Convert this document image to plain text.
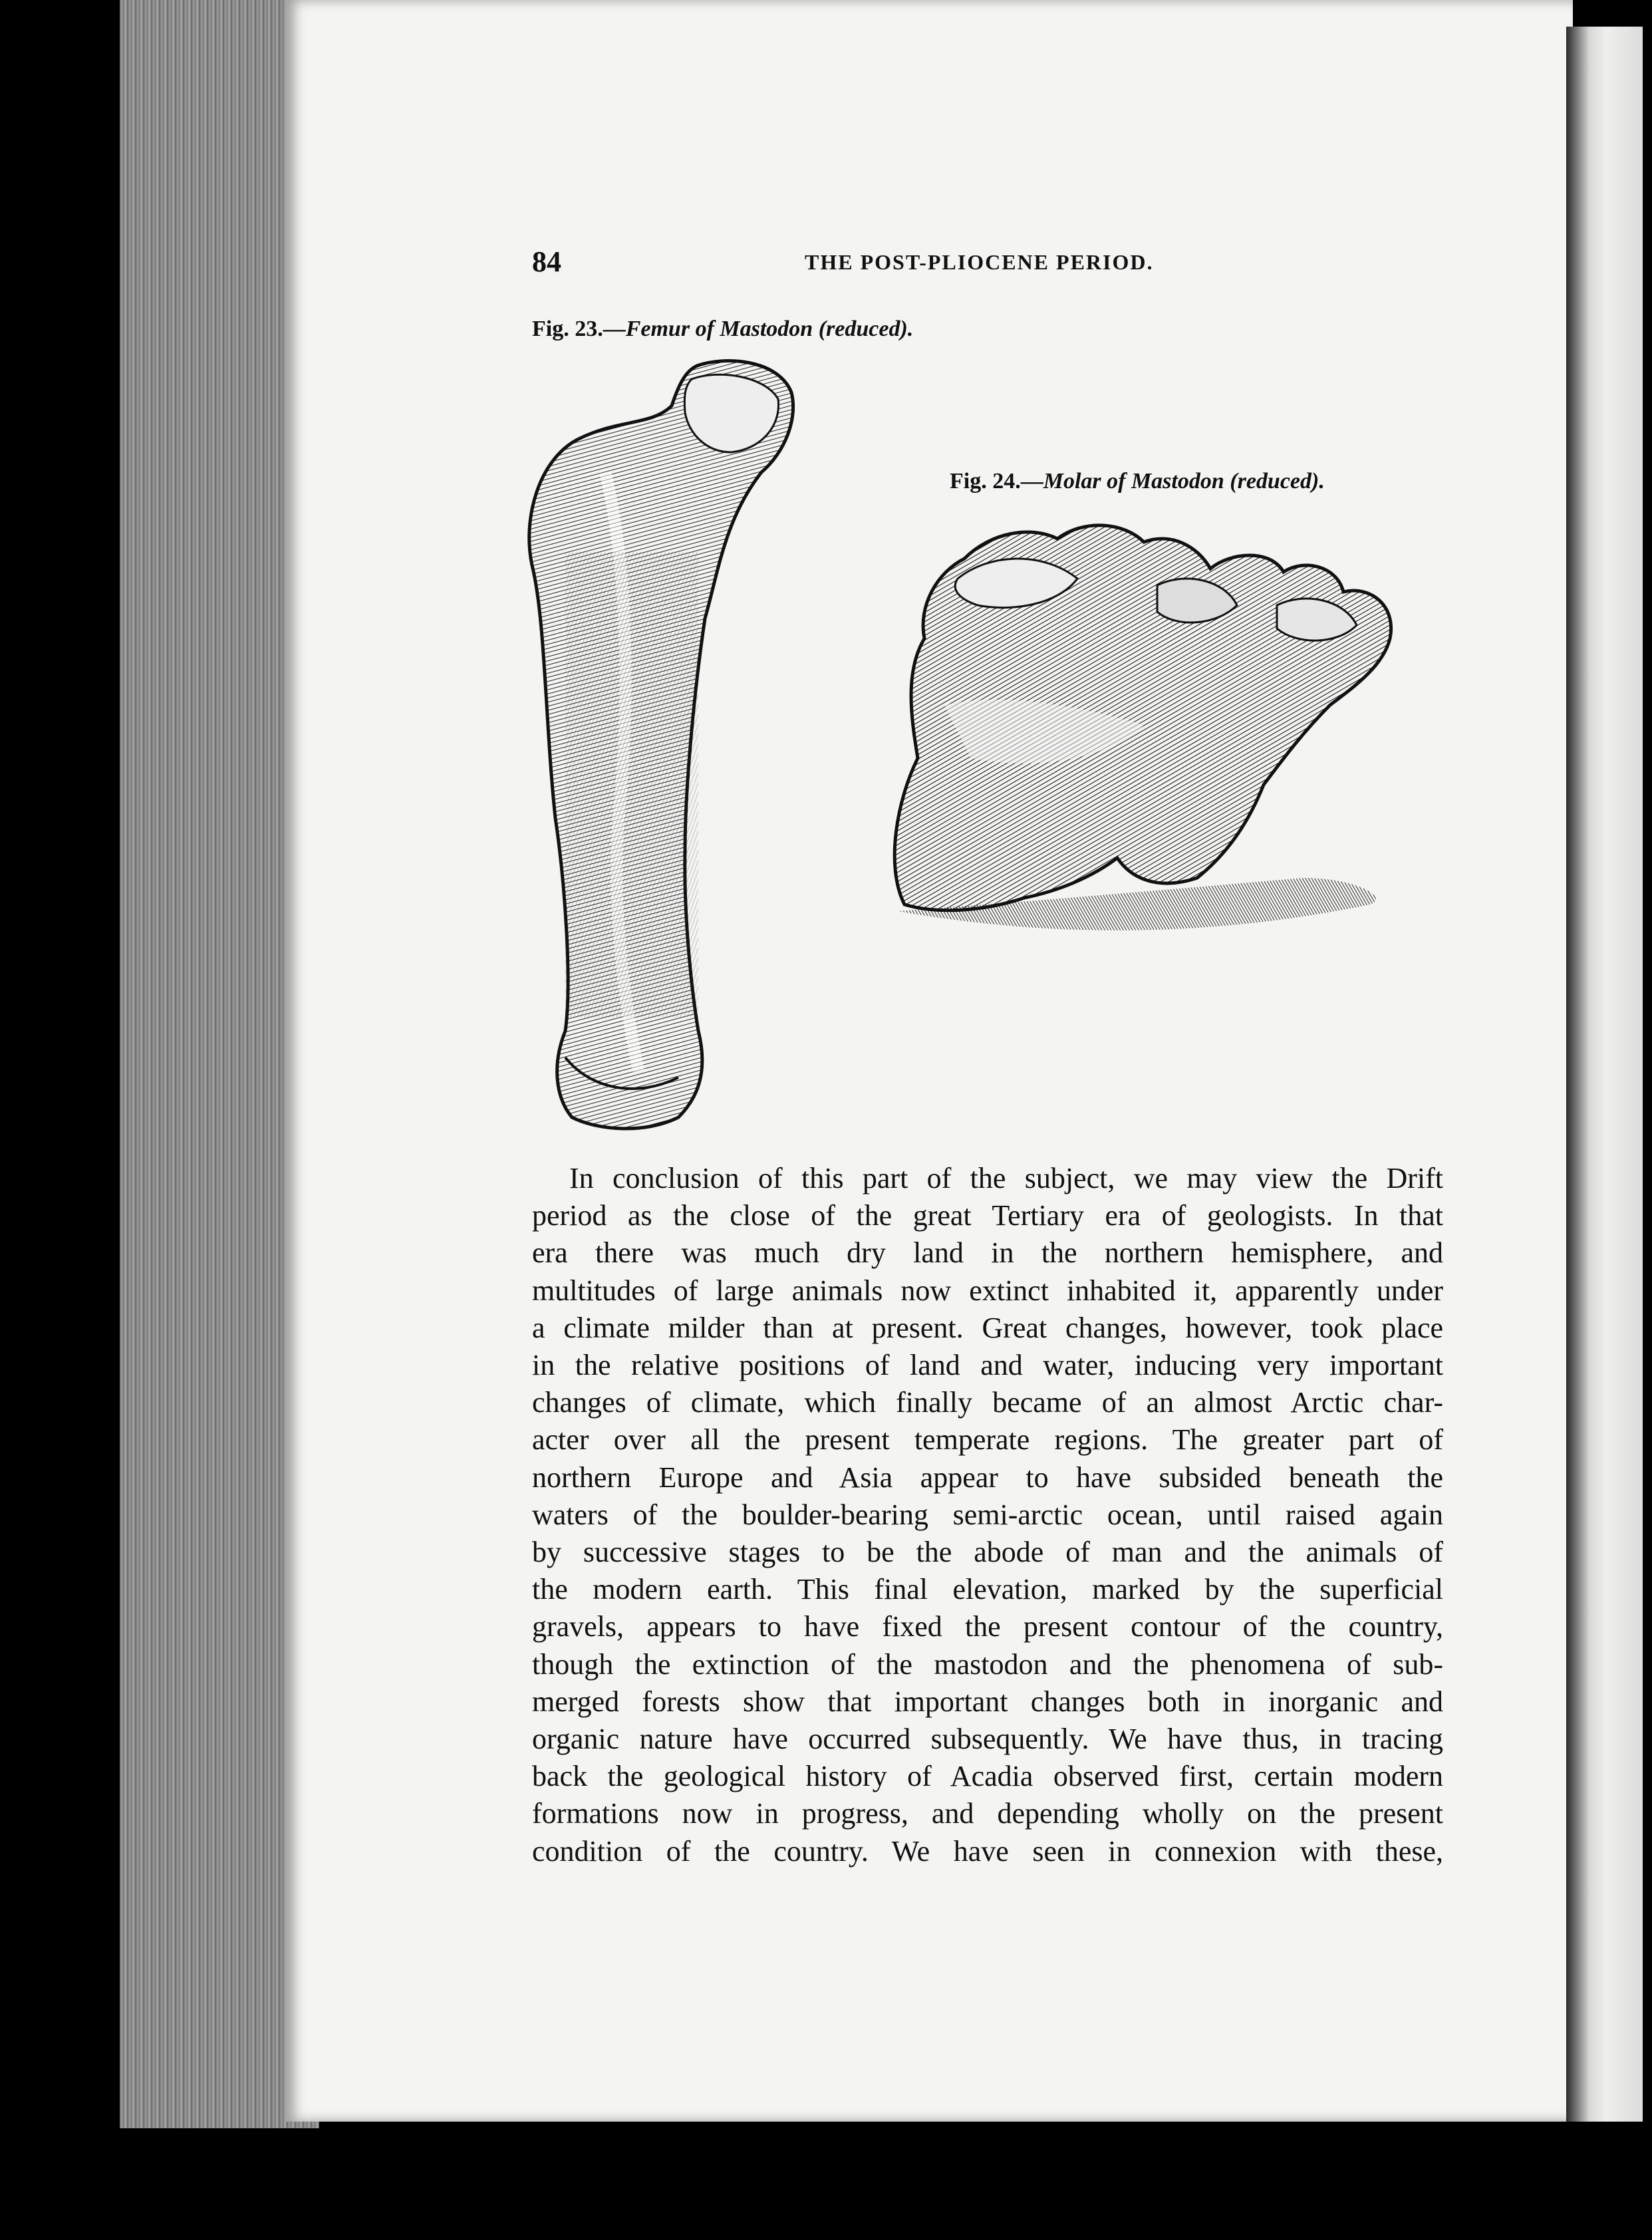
84	THE POST-PLIOCENE PERIOD.
Fig. 23.—Femur of Mastodon (reduced).
Fig. 24.—Molar of Mastodon (reduced).
In conclusion of this part of the subject, we may view the Drift
period as the close of the great Tertiary era of geologists. In that
era there was much dry land in the northern hemisphere, and
multitudes of large animals now extinct inhabited it, apparently under
a climate milder than at present. Great changes, however, took place
in the relative positions of land and water, inducing very important
changes of climate, which finally became of an almost Arctic char-
acter over all the present temperate regions. The greater part of
northern Europe and Asia appear to have subsided beneath the
waters of the boulder-bearing semi-arctic ocean, until raised again
by successive stages to be the abode of man and the animals of
the modern earth. This final elevation, marked by the superficial
gravels, appears to have fixed the present contour of the country,
though the extinction of the mastodon and the phenomena of sub-
merged forests show that important changes both in inorganic and
organic nature have occurred subsequently. We have thus, in tracing
back the geological history of Acadia observed first, certain modern
formations now in progress, and depending wholly on the present
condition of the country. We have seen in connexion with these,
